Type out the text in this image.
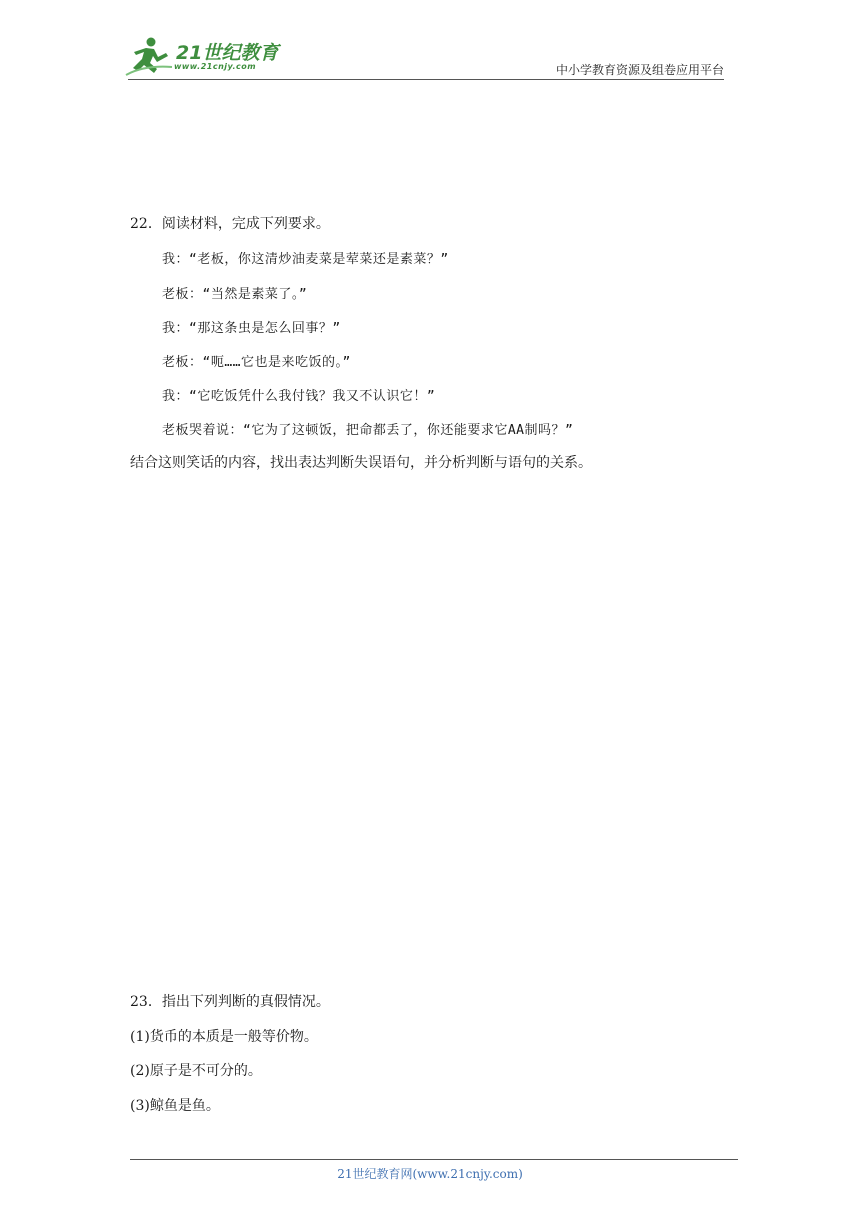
21世纪教育
www.21cnjy.com	中小学教育资源及组卷应用平台
22．阅读材料，完成下列要求。
我：“老板，你这清炒油麦菜是荤菜还是素菜？”
老板：“当然是素菜了。”
我：“那这条虫是怎么回事？”
老板：“呃……它也是来吃饭的。”
我：“它吃饭凭什么我付钱？我又不认识它！”
老板哭着说：“它为了这顿饭，把命都丢了，你还能要求它AA制吗？”
结合这则笑话的内容，找出表达判断失误语句，并分析判断与语句的关系。
23．指出下列判断的真假情况。
(1)货币的本质是一般等价物。
(2)原子是不可分的。
(3)鲸鱼是鱼。
21世纪教育网(www.21cnjy.com)
